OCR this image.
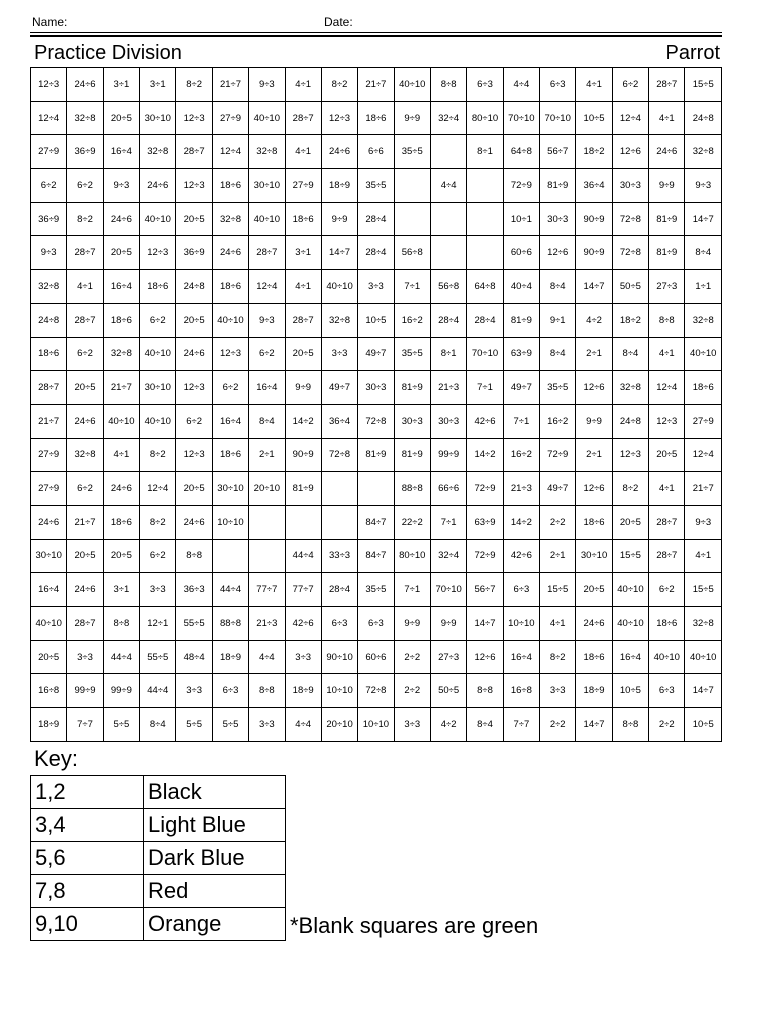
Name:	Date:
Practice Division	Parrot
12÷3	24÷6	3÷1	3÷1	8÷2	21÷7	9÷3	4÷1	8÷2	21÷7	40÷10	8÷8	6÷3	4÷4	6÷3	4÷1	6÷2	28÷7	15÷5
12÷4	32÷8	20÷5	30÷10	12÷3	27÷9	40÷10	28÷7	12÷3	18÷6	9÷9	32÷4	80÷10	70÷10	70÷10	10÷5	12÷4	4÷1	24÷8
27÷9	36÷9	16÷4	32÷8	28÷7	12÷4	32÷8	4÷1	24÷6	6÷6	35÷5		8÷1	64÷8	56÷7	18÷2	12÷6	24÷6	32÷8
6÷2	6÷2	9÷3	24÷6	12÷3	18÷6	30÷10	27÷9	18÷9	35÷5		4÷4		72÷9	81÷9	36÷4	30÷3	9÷9	9÷3
36÷9	8÷2	24÷6	40÷10	20÷5	32÷8	40÷10	18÷6	9÷9	28÷4				10÷1	30÷3	90÷9	72÷8	81÷9	14÷7
9÷3	28÷7	20÷5	12÷3	36÷9	24÷6	28÷7	3÷1	14÷7	28÷4	56÷8			60÷6	12÷6	90÷9	72÷8	81÷9	8÷4
32÷8	4÷1	16÷4	18÷6	24÷8	18÷6	12÷4	4÷1	40÷10	3÷3	7÷1	56÷8	64÷8	40÷4	8÷4	14÷7	50÷5	27÷3	1÷1
24÷8	28÷7	18÷6	6÷2	20÷5	40÷10	9÷3	28÷7	32÷8	10÷5	16÷2	28÷4	28÷4	81÷9	9÷1	4÷2	18÷2	8÷8	32÷8
18÷6	6÷2	32÷8	40÷10	24÷6	12÷3	6÷2	20÷5	3÷3	49÷7	35÷5	8÷1	70÷10	63÷9	8÷4	2÷1	8÷4	4÷1	40÷10
28÷7	20÷5	21÷7	30÷10	12÷3	6÷2	16÷4	9÷9	49÷7	30÷3	81÷9	21÷3	7÷1	49÷7	35÷5	12÷6	32÷8	12÷4	18÷6
21÷7	24÷6	40÷10	40÷10	6÷2	16÷4	8÷4	14÷2	36÷4	72÷8	30÷3	30÷3	42÷6	7÷1	16÷2	9÷9	24÷8	12÷3	27÷9
27÷9	32÷8	4÷1	8÷2	12÷3	18÷6	2÷1	90÷9	72÷8	81÷9	81÷9	99÷9	14÷2	16÷2	72÷9	2÷1	12÷3	20÷5	12÷4
27÷9	6÷2	24÷6	12÷4	20÷5	30÷10	20÷10	81÷9			88÷8	66÷6	72÷9	21÷3	49÷7	12÷6	8÷2	4÷1	21÷7
24÷6	21÷7	18÷6	8÷2	24÷6	10÷10				84÷7	22÷2	7÷1	63÷9	14÷2	2÷2	18÷6	20÷5	28÷7	9÷3
30÷10	20÷5	20÷5	6÷2	8÷8			44÷4	33÷3	84÷7	80÷10	32÷4	72÷9	42÷6	2÷1	30÷10	15÷5	28÷7	4÷1
16÷4	24÷6	3÷1	3÷3	36÷3	44÷4	77÷7	77÷7	28÷4	35÷5	7÷1	70÷10	56÷7	6÷3	15÷5	20÷5	40÷10	6÷2	15÷5
40÷10	28÷7	8÷8	12÷1	55÷5	88÷8	21÷3	42÷6	6÷3	6÷3	9÷9	9÷9	14÷7	10÷10	4÷1	24÷6	40÷10	18÷6	32÷8
20÷5	3÷3	44÷4	55÷5	48÷4	18÷9	4÷4	3÷3	90÷10	60÷6	2÷2	27÷3	12÷6	16÷4	8÷2	18÷6	16÷4	40÷10	40÷10
16÷8	99÷9	99÷9	44÷4	3÷3	6÷3	8÷8	18÷9	10÷10	72÷8	2÷2	50÷5	8÷8	16÷8	3÷3	18÷9	10÷5	6÷3	14÷7
18÷9	7÷7	5÷5	8÷4	5÷5	5÷5	3÷3	4÷4	20÷10	10÷10	3÷3	4÷2	8÷4	7÷7	2÷2	14÷7	8÷8	2÷2	10÷5
Key:
1,2	Black
3,4	Light Blue
5,6	Dark Blue
7,8	Red
9,10	Orange	*Blank squares are green
